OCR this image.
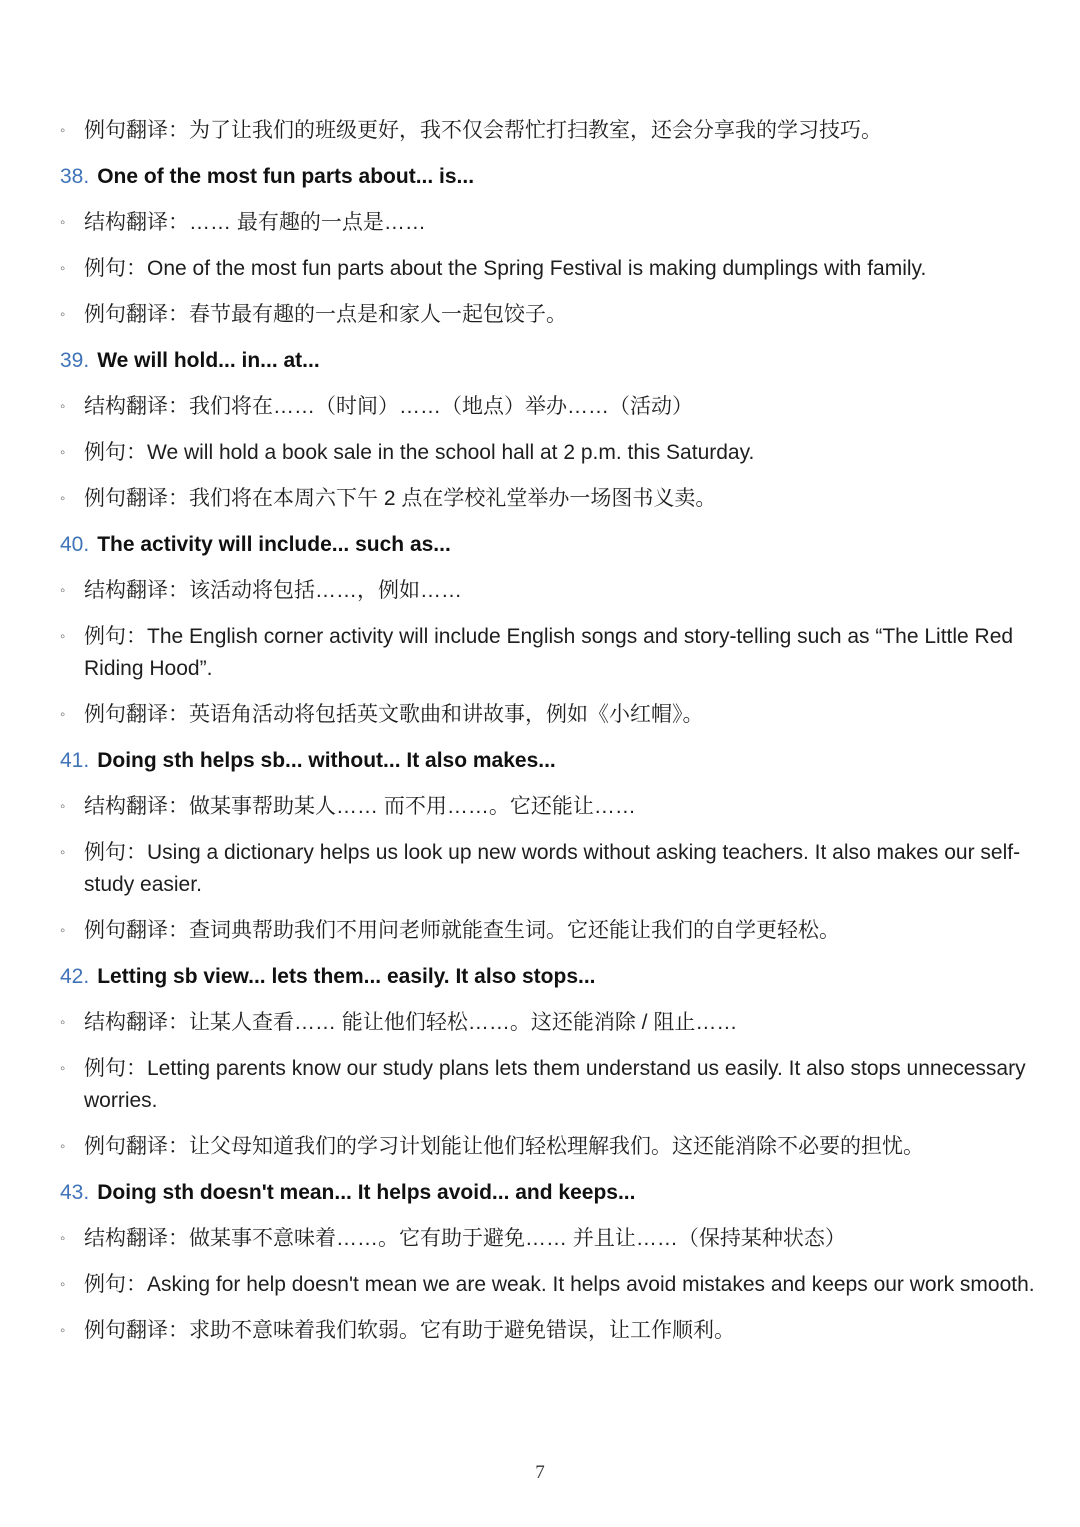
◦ 例句翻译：为了让我们的班级更好，我不仅会帮忙打扫教室，还会分享我的学习技巧。
38. One of the most fun parts about... is...
◦ 结构翻译：…… 最有趣的一点是……
◦ 例句：One of the most fun parts about the Spring Festival is making dumplings with family.
◦ 例句翻译：春节最有趣的一点是和家人一起包饺子。
39. We will hold... in... at...
◦ 结构翻译：我们将在……（时间）……（地点）举办……（活动）
◦ 例句：We will hold a book sale in the school hall at 2 p.m. this Saturday.
◦ 例句翻译：我们将在本周六下午 2 点在学校礼堂举办一场图书义卖。
40. The activity will include... such as...
◦ 结构翻译：该活动将包括……，例如……
◦ 例句：The English corner activity will include English songs and story-telling such as “The Little Red Riding Hood”.
◦ 例句翻译：英语角活动将包括英文歌曲和讲故事，例如《小红帽》。
41. Doing sth helps sb... without... It also makes...
◦ 结构翻译：做某事帮助某人…… 而不用……。它还能让……
◦ 例句：Using a dictionary helps us look up new words without asking teachers. It also makes our self-study easier.
◦ 例句翻译：查词典帮助我们不用问老师就能查生词。它还能让我们的自学更轻松。
42. Letting sb view... lets them... easily. It also stops...
◦ 结构翻译：让某人查看…… 能让他们轻松……。这还能消除 / 阻止……
◦ 例句：Letting parents know our study plans lets them understand us easily. It also stops unnecessary worries.
◦ 例句翻译：让父母知道我们的学习计划能让他们轻松理解我们。这还能消除不必要的担忧。
43. Doing sth doesn't mean... It helps avoid... and keeps...
◦ 结构翻译：做某事不意味着……。它有助于避免…… 并且让……（保持某种状态）
◦ 例句：Asking for help doesn't mean we are weak. It helps avoid mistakes and keeps our work smooth.
◦ 例句翻译：求助不意味着我们软弱。它有助于避免错误，让工作顺利。
7
